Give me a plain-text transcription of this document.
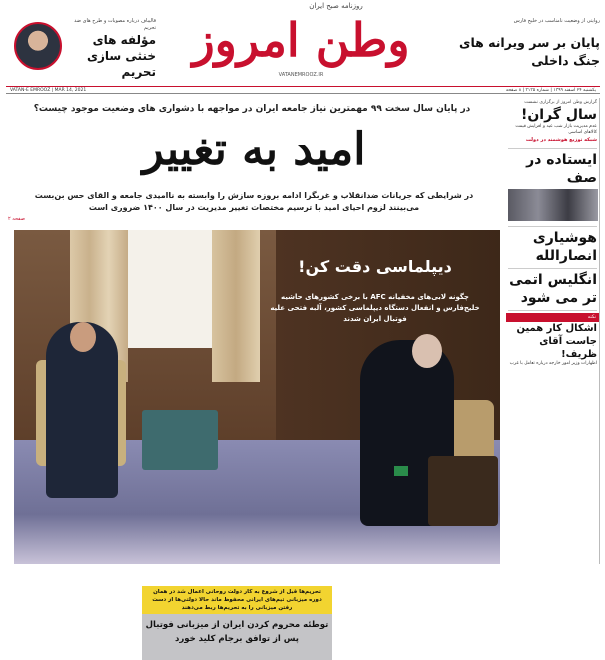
روزنامه صبح ایران
وطن امروز
VATANEMROOZ.IR
قالیباف درباره مصوبات و طرح های ضد تحریم
مؤلفه های خنثی سازی تحریم
روایتی از وضعیت نامناسب در خلیج فارس
پایان بر سر ویرانه های جنگ داخلی
یکشنبه ۲۴ اسفند ۱۳۹۹ | شماره ۳۱۳۵ | ۸ صفحه
VATAN-E EMROOZ | MAR 14, 2021
در پایان سال سخت ۹۹ مهمترین نیاز جامعه ایران در مواجهه با دشواری های وضعیت موجود چیست؟
امید به تغییر
در شرایطی که جریانات ضدانقلاب و غربگرا ادامه بروزه سازش را وابسته به ناامیدی جامعه و القای حس بن‌بست می‌بینند لزوم احیای امید با ترسیم مختصات تغییر مدیریت در سال ۱۴۰۰ ضروری است
صفحه ۲
دیپلماسی دقت کن!
چگونه لابی‌های مخفیانه AFC با برخی کشورهای حاشیه خلیج‌فارس و انفعال دستگاه دیپلماسی کشور، آلبه فتحی علیه فوتبال ایران شدند
تحریم‌ها قبل از شروع به کار دولت روحانی اعمال شد در همان دوره میزبانی تیم‌های ایرانی محفوظ ماند حالا دولتی‌ها از دست رفتن میزبانی را به تحریم‌ها ربط می‌دهند
توطئه محروم کردن ایران از میزبانی فوتبال
پس از توافق برجام کلید خورد
گزارش وطن امروز از برگزاری نشست
سال گران!
عدم مدیریت بازار شب عید و افزایش قیمت کالاهای اساسی
شبکه توزیع هوشمند در دولت
ایستاده در صف
هوشیاری انصارالله
انگلیس اتمی تر می شود
نکته
اشکال کار همین جاست آقای ظریف!
اظهارات وزیر امور خارجه درباره تعامل با غرب
